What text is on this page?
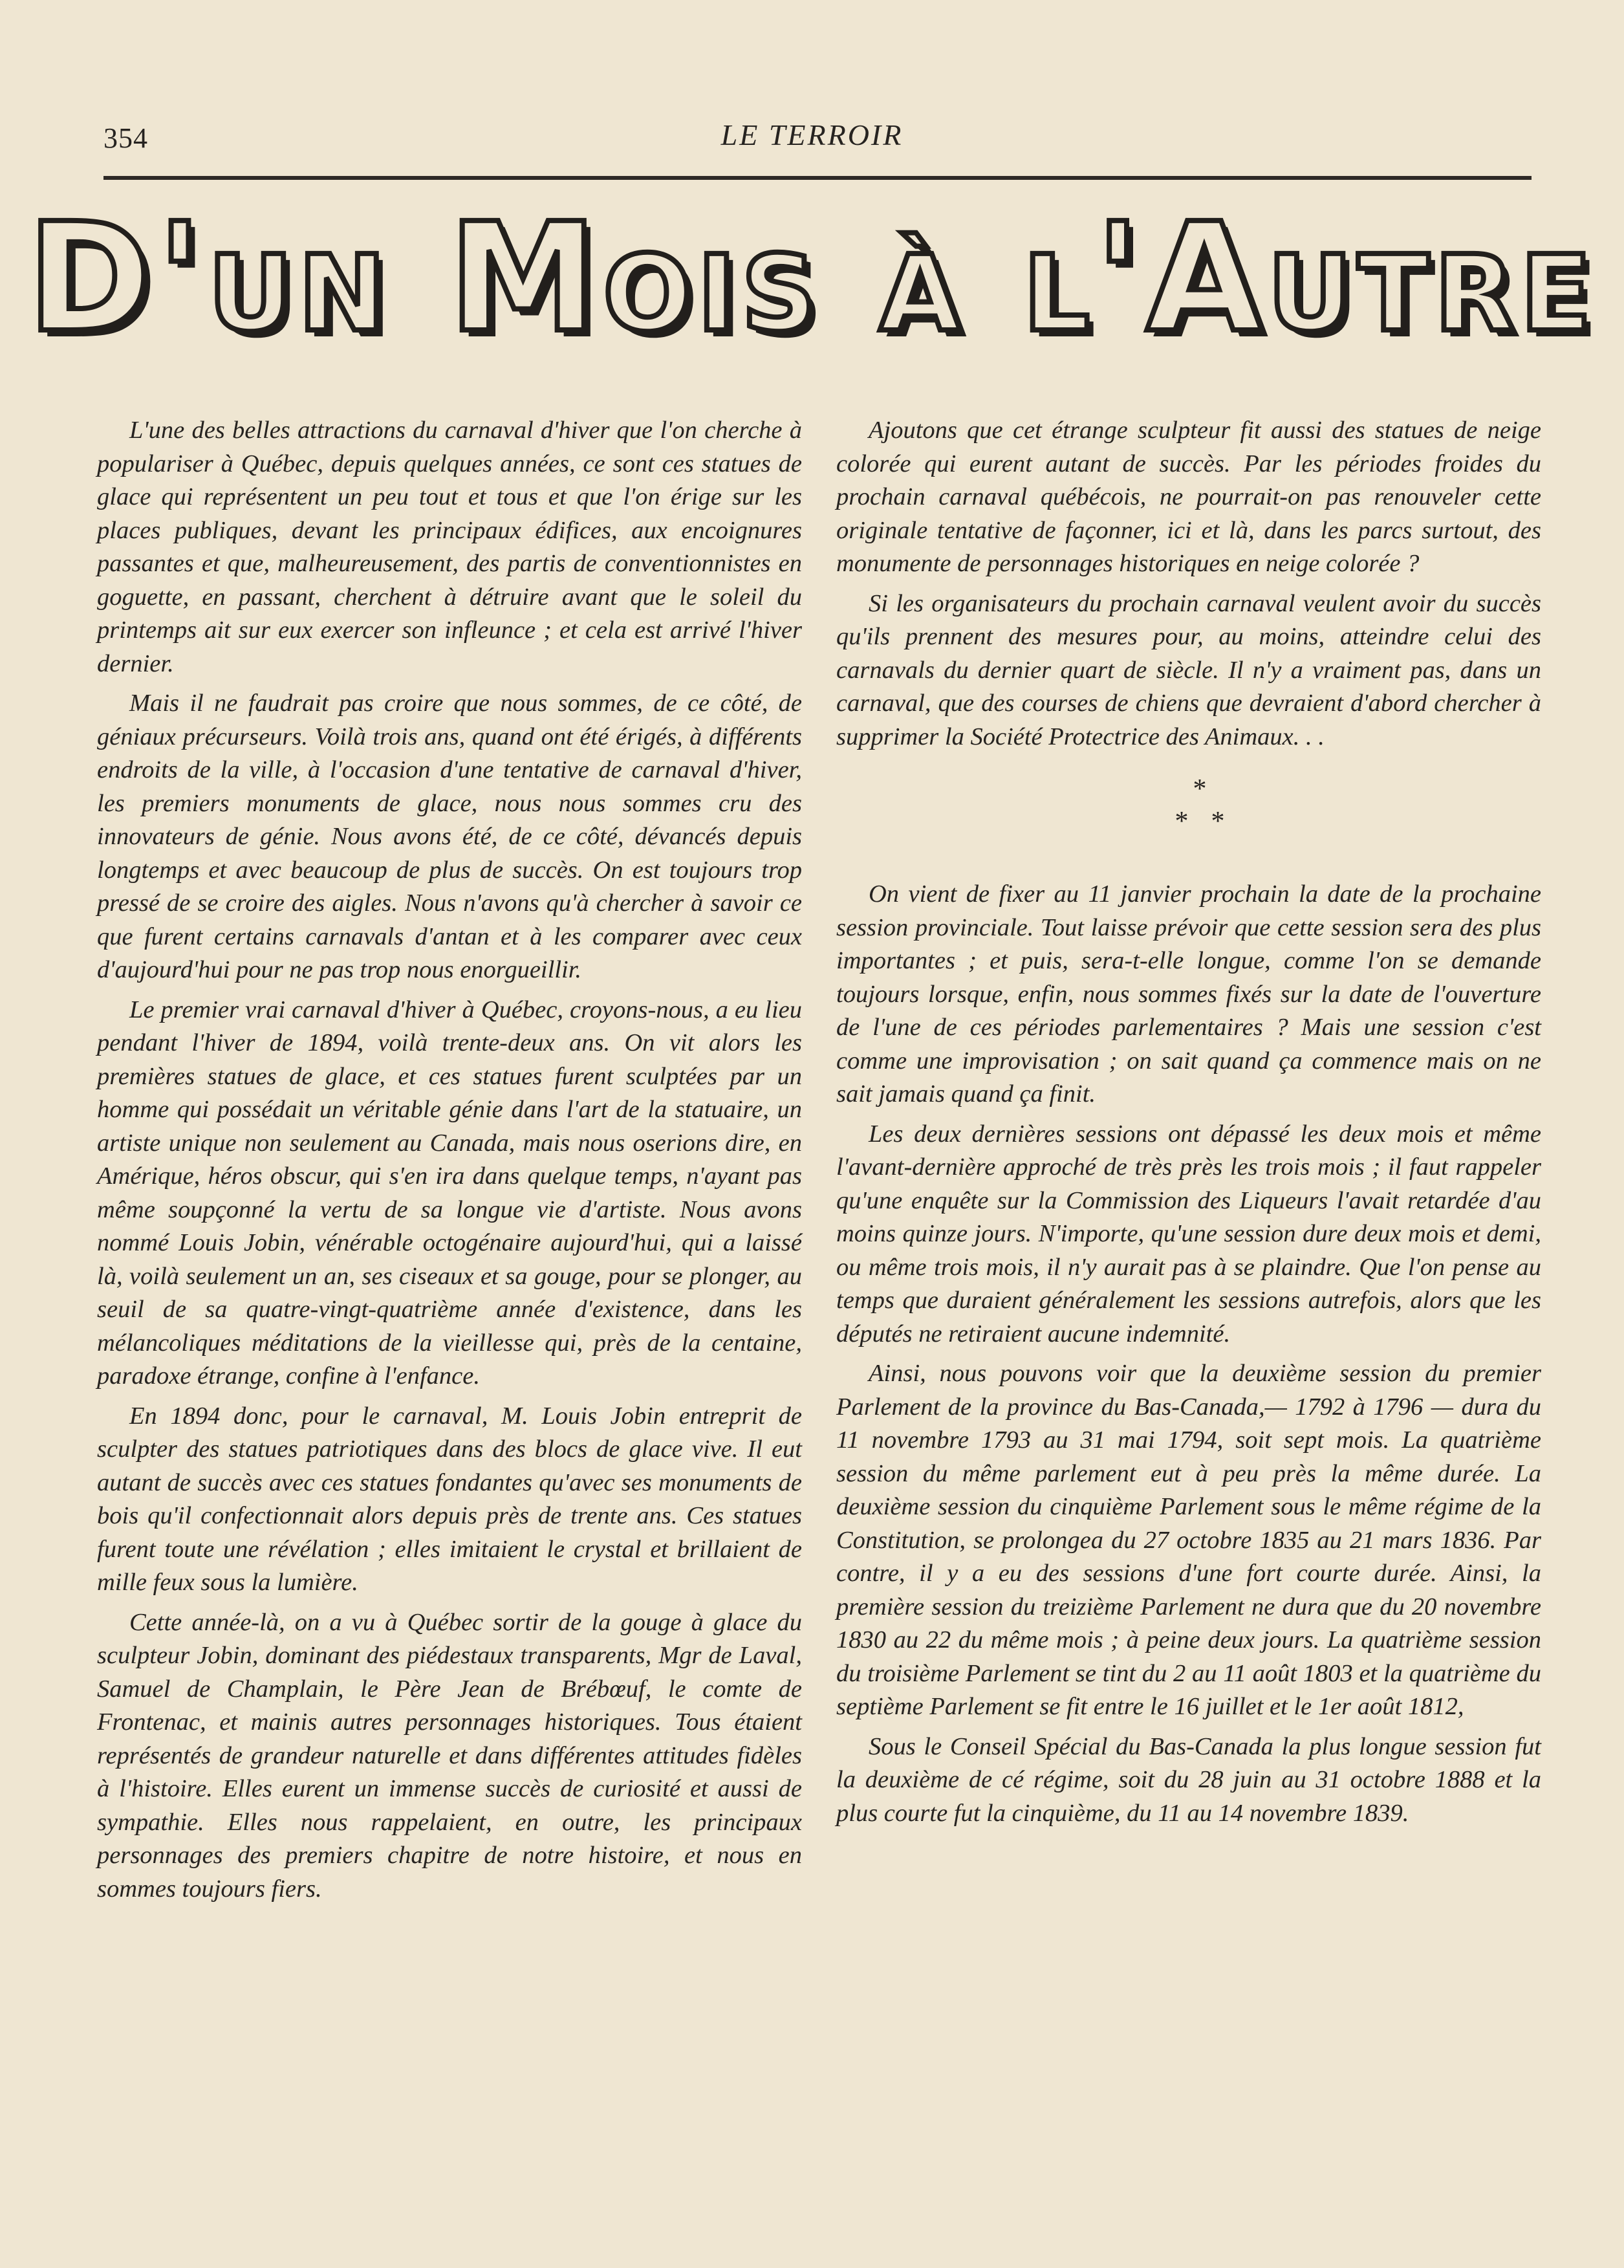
354	LE TERROIR
D'un Mois à l'Autre

L'une des belles attractions du carnaval d'hiver que l'on cherche à populariser à Québec, depuis quelques années, ce sont ces statues de glace qui représentent un peu tout et tous et que l'on érige sur les places publiques, devant les principaux édifices, aux encoignures passantes et que, malheureusement, des partis de conventionnistes en goguette, en passant, cherchent à détruire avant que le soleil du printemps ait sur eux exercer son infleunce ; et cela est arrivé l'hiver dernier.

Mais il ne faudrait pas croire que nous sommes, de ce côté, de géniaux précurseurs. Voilà trois ans, quand ont été érigés, à différents endroits de la ville, à l'occasion d'une tentative de carnaval d'hiver, les premiers monuments de glace, nous nous sommes cru des innovateurs de génie. Nous avons été, de ce côté, dévancés depuis longtemps et avec beaucoup de plus de succès. On est toujours trop pressé de se croire des aigles. Nous n'avons qu'à chercher à savoir ce que furent certains carnavals d'antan et à les comparer avec ceux d'aujourd'hui pour ne pas trop nous enorgueillir.

Le premier vrai carnaval d'hiver à Québec, croyons-nous, a eu lieu pendant l'hiver de 1894, voilà trente-deux ans. On vit alors les premières statues de glace, et ces statues furent sculptées par un homme qui possédait un véritable génie dans l'art de la statuaire, un artiste unique non seulement au Canada, mais nous oserions dire, en Amérique, héros obscur, qui s'en ira dans quelque temps, n'ayant pas même soupçonné la vertu de sa longue vie d'artiste. Nous avons nommé Louis Jobin, vénérable octogénaire aujourd'hui, qui a laissé là, voilà seulement un an, ses ciseaux et sa gouge, pour se plonger, au seuil de sa quatre-vingt-quatrième année d'existence, dans les mélancoliques méditations de la vieillesse qui, près de la centaine, paradoxe étrange, confine à l'enfance.

En 1894 donc, pour le carnaval, M. Louis Jobin entreprit de sculpter des statues patriotiques dans des blocs de glace vive. Il eut autant de succès avec ces statues fondantes qu'avec ses monuments de bois qu'il confectionnait alors depuis près de trente ans. Ces statues furent toute une révélation ; elles imitaient le crystal et brillaient de mille feux sous la lumière.

Cette année-là, on a vu à Québec sortir de la gouge à glace du sculpteur Jobin, dominant des piédestaux transparents, Mgr de Laval, Samuel de Champlain, le Père Jean de Brébœuf, le comte de Frontenac, et mainis autres personnages historiques. Tous étaient représentés de grandeur naturelle et dans différentes attitudes fidèles à l'histoire. Elles eurent un immense succès de curiosité et aussi de sympathie. Elles nous rappelaient, en outre, les principaux personnages des premiers chapitre de notre histoire, et nous en sommes toujours fiers.

Ajoutons que cet étrange sculpteur fit aussi des statues de neige colorée qui eurent autant de succès. Par les périodes froides du prochain carnaval québécois, ne pourrait-on pas renouveler cette originale tentative de façonner, ici et là, dans les parcs surtout, des monumente de personnages historiques en neige colorée ?

Si les organisateurs du prochain carnaval veulent avoir du succès qu'ils prennent des mesures pour, au moins, atteindre celui des carnavals du dernier quart de siècle. Il n'y a vraiment pas, dans un carnaval, que des courses de chiens que devraient d'abord chercher à supprimer la Société Protectrice des Animaux. . .

*
* *

On vient de fixer au 11 janvier prochain la date de la prochaine session provinciale. Tout laisse prévoir que cette session sera des plus importantes ; et puis, sera-t-elle longue, comme l'on se demande toujours lorsque, enfin, nous sommes fixés sur la date de l'ouverture de l'une de ces périodes parlementaires ? Mais une session c'est comme une improvisation ; on sait quand ça commence mais on ne sait jamais quand ça finit.

Les deux dernières sessions ont dépassé les deux mois et même l'avant-dernière approché de très près les trois mois ; il faut rappeler qu'une enquête sur la Commission des Liqueurs l'avait retardée d'au moins quinze jours. N'importe, qu'une session dure deux mois et demi, ou même trois mois, il n'y aurait pas à se plaindre. Que l'on pense au temps que duraient généralement les sessions autrefois, alors que les députés ne retiraient aucune indemnité.

Ainsi, nous pouvons voir que la deuxième session du premier Parlement de la province du Bas-Canada,— 1792 à 1796 — dura du 11 novembre 1793 au 31 mai 1794, soit sept mois. La quatrième session du même parlement eut à peu près la même durée. La deuxième session du cinquième Parlement sous le même régime de la Constitution, se prolongea du 27 octobre 1835 au 21 mars 1836. Par contre, il y a eu des sessions d'une fort courte durée. Ainsi, la première session du treizième Parlement ne dura que du 20 novembre 1830 au 22 du même mois ; à peine deux jours. La quatrième session du troisième Parlement se tint du 2 au 11 août 1803 et la quatrième du septième Parlement se fit entre le 16 juillet et le 1er août 1812,

Sous le Conseil Spécial du Bas-Canada la plus longue session fut la deuxième de cé régime, soit du 28 juin au 31 octobre 1888 et la plus courte fut la cinquième, du 11 au 14 novembre 1839.
